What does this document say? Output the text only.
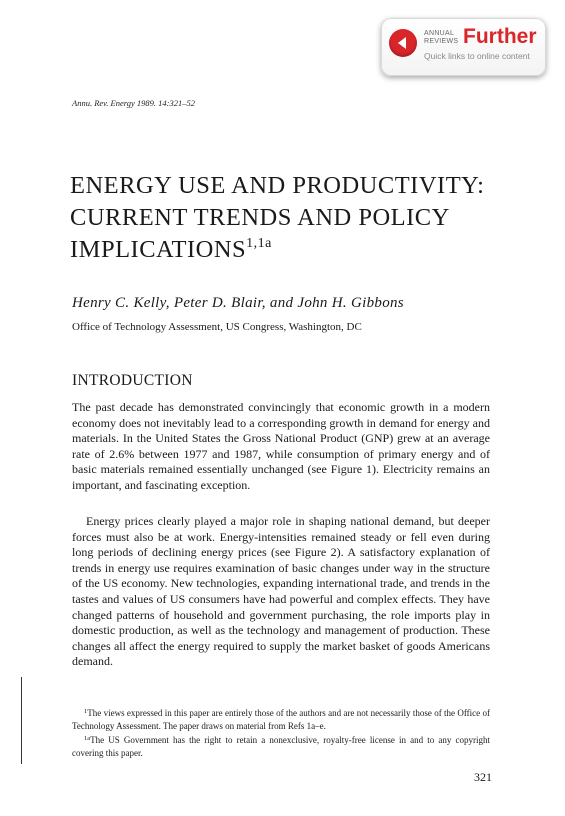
ANNUAL
REVIEWS Further
Quick links to online content
Annu. Rev. Energy 1989. 14:321–52
ENERGY USE AND PRODUCTIVITY:
CURRENT TRENDS AND POLICY
$IMPLICATIONS^{1,1a}$
Henry C. Kelly, Peter D. Blair, and John H. Gibbons
Office of Technology Assessment, US Congress, Washington, DC
INTRODUCTION

The past decade has demonstrated convincingly that economic growth in a modern economy does not inevitably lead to a corresponding growth in demand for energy and materials. In the United States the Gross National Product (GNP) grew at an average rate of 2.6% between 1977 and 1987, while consumption of primary energy and of basic materials remained essentially unchanged (see Figure 1). Electricity remains an important, and fascinating exception.

Energy prices clearly played a major role in shaping national demand, but deeper forces must also be at work. Energy-intensities remained steady or fell even during long periods of declining energy prices (see Figure 2). A satisfactory explanation of trends in energy use requires examination of basic changes under way in the structure of the US economy. New technologies, expanding international trade, and trends in the tastes and values of US consumers have had powerful and complex effects. They have changed patterns of household and government purchasing, the role imports play in domestic production, as well as the technology and management of production. These changes all affect the energy required to supply the market basket of goods Americans demand.

$^1$The views expressed in this paper are entirely those of the authors and are not necessarily those of the Office of Technology Assessment. The paper draws on material from Refs 1a–e.

$^{1a}$The US Government has the right to retain a nonexclusive, royalty-free license in and to any copyright covering this paper.

321
